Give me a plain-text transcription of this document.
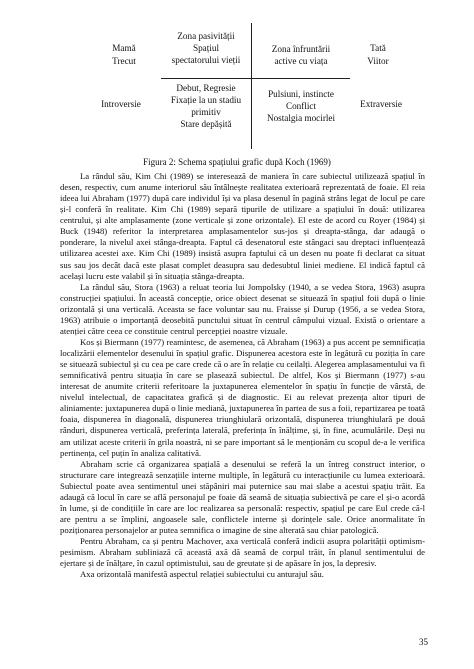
Mamă
Trecut
Tată
Viitor
Introversie	Extraversie
Zona pasivității
Spațiul
spectatorului vieții
Zona înfruntării
active cu viața
Debut, Regresie
Fixație la un stadiu
primitiv
Stare depășită
Pulsiuni, instincte
Conflict
Nostalgia mocirlei
Figura 2: Schema spațiului grafic după Koch (1969)

La rândul său, Kim Chi (1989) se interesează de maniera în care subiectul utilizează spațiul în desen, respectiv, cum anume interiorul său întâlnește realitatea exterioară reprezentată de foaie. El reia ideea lui Abraham (1977) după care individul își va plasa desenul în pagină strâns legat de locul pe care și-l conferă în realitate. Kim Chi (1989) separă tipurile de utilizare a spațiului în două: utilizarea centrului, și alte amplasamente (zone verticale și zone orizontale). El este de acord cu Royer (1984) și Buck (1948) referitor la interpretarea amplasamentelor sus-jos și dreapta-stânga, dar adaugă o ponderare, la nivelul axei stânga-dreapta. Faptul că desenatorul este stângaci sau dreptaci influențează utilizarea acestei axe. Kim Chi (1989) insistă asupra faptului că un desen nu poate fi declarat ca situat sus sau jos decât dacă este plasat complet deasupra sau dedesubtul liniei mediene. El indică faptul că același lucru este valabil și în situația stânga-dreapta.

La rândul său, Stora (1963) a reluat teoria lui Jompolsky (1940, a se vedea Stora, 1963) asupra construcției spațiului. În această concepție, orice obiect desenat se situează în spațiul foii după o linie orizontală și una verticală. Aceasta se face voluntar sau nu. Fraisse și Durup (1956, a se vedea Stora, 1963) atribuie o importanță deosebită punctului situat în centrul câmpului vizual. Există o orientare a atenției către ceea ce constituie centrul percepției noastre vizuale.

Kos și Biermann (1977) reamintesc, de asemenea, că Abraham (1963) a pus accent pe semnificația localizării elementelor desenului în spațiul grafic. Dispunerea acestora este în legătură cu poziția în care se situează subiectul și cu cea pe care crede că o are în relație cu ceilalți. Alegerea amplasamentului va fi semnificativă pentru situația în care se plasează subiectul. De altfel, Kos și Biermann (1977) s-au interesat de anumite criterii referitoare la juxtapunerea elementelor în spațiu în funcție de vârstă, de nivelul intelectual, de capacitatea grafică și de diagnostic. Ei au relevat prezența altor tipuri de aliniamente: juxtapunerea după o linie mediană, juxtapunerea în partea de sus a foii, repartizarea pe toată foaia, dispunerea în diagonală, dispunerea triunghiulară orizontală, dispunerea triunghiulară pe două rânduri, dispunerea verticală, preferința laterală, preferința în înălțime, și, în fine, acumulările. Deși nu am utilizat aceste criterii în grila noastră, ni se pare important să le menționăm cu scopul de-a le verifica pertinența, cel puțin în analiza calitativă.

Abraham scrie că organizarea spațială a desenului se referă la un întreg construct interior, o structurare care integrează senzațiile interne multiple, în legătură cu interacțiunile cu lumea exterioară. Subiectul poate avea sentimentul unei stăpâniri mai puternice sau mai slabe a acestui spațiu trăit. Ea adaugă că locul în care se află personajul pe foaie dă seamă de situația subiectivă pe care el și-o acordă în lume, și de condițiile în care are loc realizarea sa personală: respectiv, spațiul pe care Eul crede că-l are pentru a se împlini, angoasele sale, conflictele interne și dorințele sale. Orice anormalitate în poziționarea personajelor ar putea semnifica o imagine de sine alterată sau chiar patologică.

Pentru Abraham, ca și pentru Machover, axa verticală conferă indicii asupra polarității optimism-pesimism. Abraham subliniază că această axă dă seamă de corpul trăit, în planul sentimentului de ejertare și de înălțare, în cazul optimistului, sau de greutate și de apăsare în jos, la depresiv.

Axa orizontală manifestă aspectul relației subiectului cu anturajul său.

35
